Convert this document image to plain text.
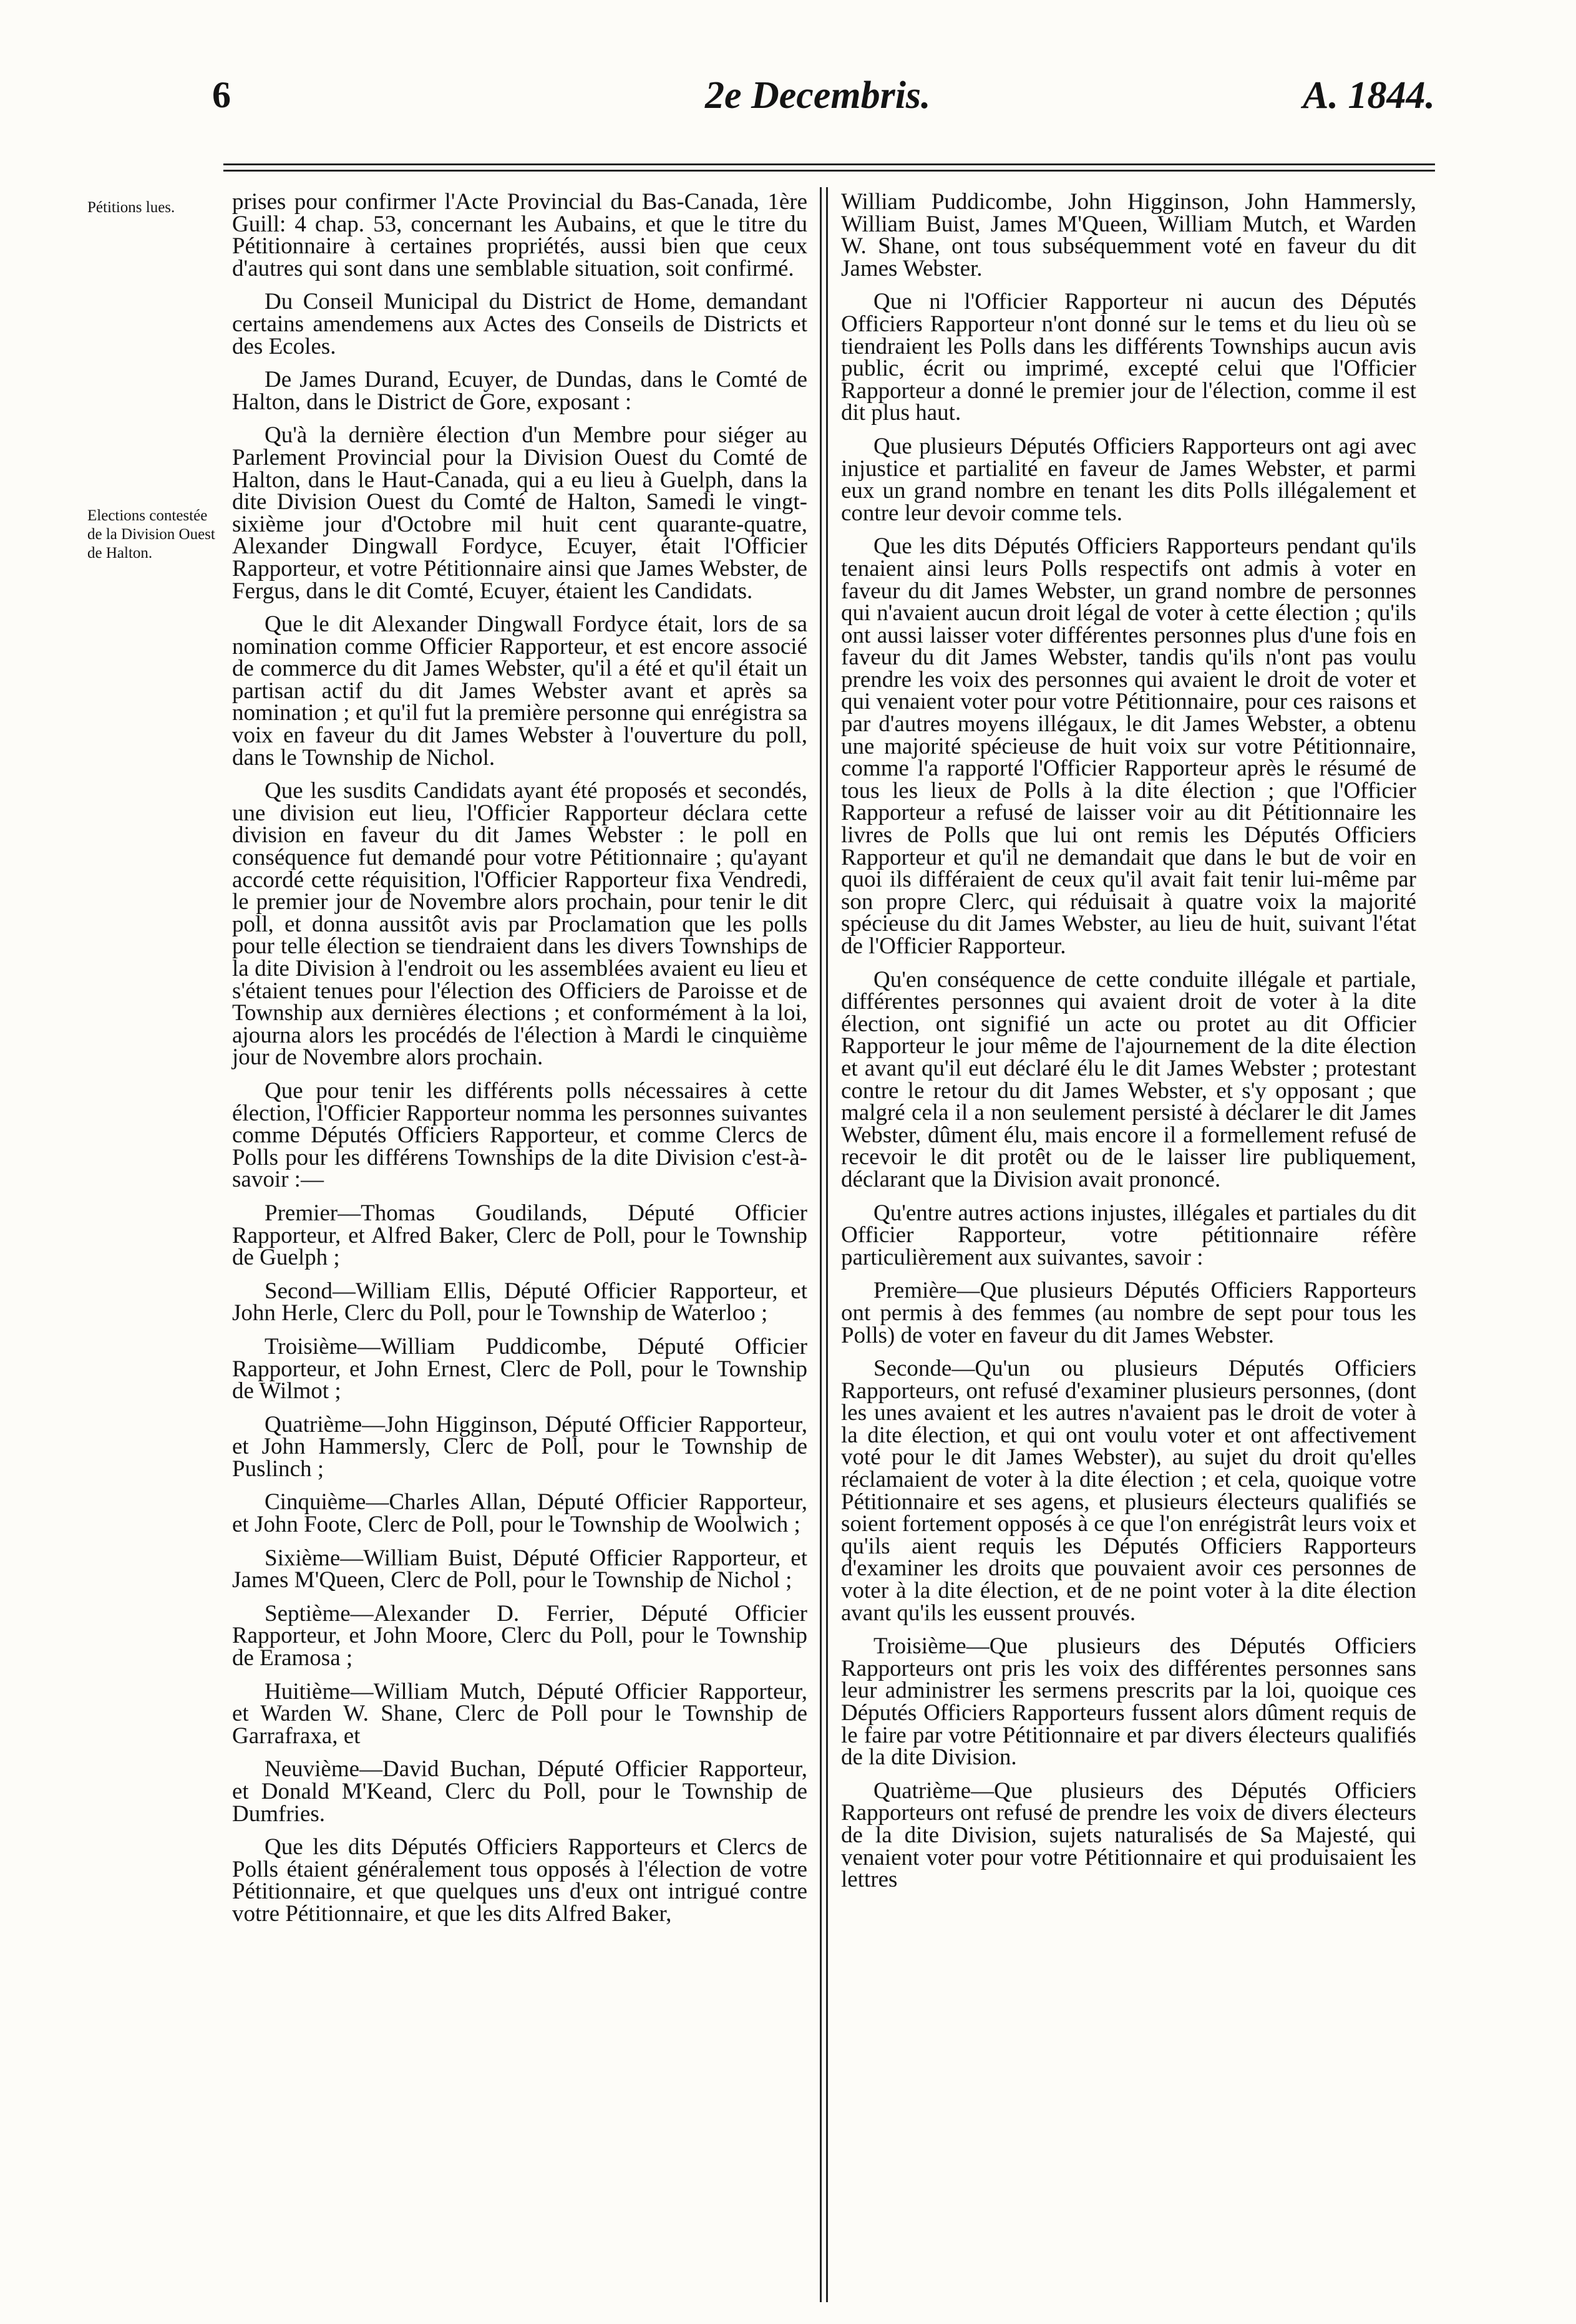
6	2e Decembris.	A. 1844.
Pétitions lues.
Elections contestée de la Division Ouest de Halton.

prises pour confirmer l'Acte Provincial du Bas-Canada, 1ère Guill: 4 chap. 53, concernant les Aubains, et que le titre du Pétitionnaire à certaines propriétés, aussi bien que ceux d'autres qui sont dans une semblable situation, soit confirmé.

Du Conseil Municipal du District de Home, demandant certains amendemens aux Actes des Conseils de Districts et des Ecoles.

De James Durand, Ecuyer, de Dundas, dans le Comté de Halton, dans le District de Gore, exposant :

Qu'à la dernière élection d'un Membre pour siéger au Parlement Provincial pour la Division Ouest du Comté de Halton, dans le Haut-Canada, qui a eu lieu à Guelph, dans la dite Division Ouest du Comté de Halton, Samedi le vingt-sixième jour d'Octobre mil huit cent quarante-quatre, Alexander Dingwall Fordyce, Ecuyer, était l'Officier Rapporteur, et votre Pétitionnaire ainsi que James Webster, de Fergus, dans le dit Comté, Ecuyer, étaient les Candidats.

Que le dit Alexander Dingwall Fordyce était, lors de sa nomination comme Officier Rapporteur, et est encore associé de commerce du dit James Webster, qu'il a été et qu'il était un partisan actif du dit James Webster avant et après sa nomination ; et qu'il fut la première personne qui enrégistra sa voix en faveur du dit James Webster à l'ouverture du poll, dans le Township de Nichol.

Que les susdits Candidats ayant été proposés et secondés, une division eut lieu, l'Officier Rapporteur déclara cette division en faveur du dit James Webster : le poll en conséquence fut demandé pour votre Pétitionnaire ; qu'ayant accordé cette réquisition, l'Officier Rapporteur fixa Vendredi, le premier jour de Novembre alors prochain, pour tenir le dit poll, et donna aussitôt avis par Proclamation que les polls pour telle élection se tiendraient dans les divers Townships de la dite Division à l'endroit ou les assemblées avaient eu lieu et s'étaient tenues pour l'élection des Officiers de Paroisse et de Township aux dernières élections ; et conformément à la loi, ajourna alors les procédés de l'élection à Mardi le cinquième jour de Novembre alors prochain.

Que pour tenir les différents polls nécessaires à cette élection, l'Officier Rapporteur nomma les personnes suivantes comme Députés Officiers Rapporteur, et comme Clercs de Polls pour les différens Townships de la dite Division c'est-à-savoir :—

Premier—Thomas Goudilands, Député Officier Rapporteur, et Alfred Baker, Clerc de Poll, pour le Township de Guelph ;

Second—William Ellis, Député Officier Rapporteur, et John Herle, Clerc du Poll, pour le Township de Waterloo ;

Troisième—William Puddicombe, Député Officier Rapporteur, et John Ernest, Clerc de Poll, pour le Township de Wilmot ;

Quatrième—John Higginson, Député Officier Rapporteur, et John Hammersly, Clerc de Poll, pour le Township de Puslinch ;

Cinquième—Charles Allan, Député Officier Rapporteur, et John Foote, Clerc de Poll, pour le Township de Woolwich ;

Sixième—William Buist, Député Officier Rapporteur, et James M'Queen, Clerc de Poll, pour le Township de Nichol ;

Septième—Alexander D. Ferrier, Député Officier Rapporteur, et John Moore, Clerc du Poll, pour le Township de Eramosa ;

Huitième—William Mutch, Député Officier Rapporteur, et Warden W. Shane, Clerc de Poll pour le Township de Garrafraxa, et

Neuvième—David Buchan, Député Officier Rapporteur, et Donald M'Keand, Clerc du Poll, pour le Township de Dumfries.

Que les dits Députés Officiers Rapporteurs et Clercs de Polls étaient généralement tous opposés à l'élection de votre Pétitionnaire, et que quelques uns d'eux ont intrigué contre votre Pétitionnaire, et que les dits Alfred Baker,

William Puddicombe, John Higginson, John Hammersly, William Buist, James M'Queen, William Mutch, et Warden W. Shane, ont tous subséquemment voté en faveur du dit James Webster.

Que ni l'Officier Rapporteur ni aucun des Députés Officiers Rapporteur n'ont donné sur le tems et du lieu où se tiendraient les Polls dans les différents Townships aucun avis public, écrit ou imprimé, excepté celui que l'Officier Rapporteur a donné le premier jour de l'élection, comme il est dit plus haut.

Que plusieurs Députés Officiers Rapporteurs ont agi avec injustice et partialité en faveur de James Webster, et parmi eux un grand nombre en tenant les dits Polls illégalement et contre leur devoir comme tels.

Que les dits Députés Officiers Rapporteurs pendant qu'ils tenaient ainsi leurs Polls respectifs ont admis à voter en faveur du dit James Webster, un grand nombre de personnes qui n'avaient aucun droit légal de voter à cette élection ; qu'ils ont aussi laisser voter différentes personnes plus d'une fois en faveur du dit James Webster, tandis qu'ils n'ont pas voulu prendre les voix des personnes qui avaient le droit de voter et qui venaient voter pour votre Pétitionnaire, pour ces raisons et par d'autres moyens illégaux, le dit James Webster, a obtenu une majorité spécieuse de huit voix sur votre Pétitionnaire, comme l'a rapporté l'Officier Rapporteur après le résumé de tous les lieux de Polls à la dite élection ; que l'Officier Rapporteur a refusé de laisser voir au dit Pétitionnaire les livres de Polls que lui ont remis les Députés Officiers Rapporteur et qu'il ne demandait que dans le but de voir en quoi ils différaient de ceux qu'il avait fait tenir lui-même par son propre Clerc, qui réduisait à quatre voix la majorité spécieuse du dit James Webster, au lieu de huit, suivant l'état de l'Officier Rapporteur.

Qu'en conséquence de cette conduite illégale et partiale, différentes personnes qui avaient droit de voter à la dite élection, ont signifié un acte ou protet au dit Officier Rapporteur le jour même de l'ajournement de la dite élection et avant qu'il eut déclaré élu le dit James Webster ; protestant contre le retour du dit James Webster, et s'y opposant ; que malgré cela il a non seulement persisté à déclarer le dit James Webster, dûment élu, mais encore il a formellement refusé de recevoir le dit protêt ou de le laisser lire publiquement, déclarant que la Division avait prononcé.

Qu'entre autres actions injustes, illégales et partiales du dit Officier Rapporteur, votre pétitionnaire réfère particulièrement aux suivantes, savoir :

Première—Que plusieurs Députés Officiers Rapporteurs ont permis à des femmes (au nombre de sept pour tous les Polls) de voter en faveur du dit James Webster.

Seconde—Qu'un ou plusieurs Députés Officiers Rapporteurs, ont refusé d'examiner plusieurs personnes, (dont les unes avaient et les autres n'avaient pas le droit de voter à la dite élection, et qui ont voulu voter et ont affectivement voté pour le dit James Webster), au sujet du droit qu'elles réclamaient de voter à la dite élection ; et cela, quoique votre Pétitionnaire et ses agens, et plusieurs électeurs qualifiés se soient fortement opposés à ce que l'on enrégistrât leurs voix et qu'ils aient requis les Députés Officiers Rapporteurs d'examiner les droits que pouvaient avoir ces personnes de voter à la dite élection, et de ne point voter à la dite élection avant qu'ils les eussent prouvés.

Troisième—Que plusieurs des Députés Officiers Rapporteurs ont pris les voix des différentes personnes sans leur administrer les sermens prescrits par la loi, quoique ces Députés Officiers Rapporteurs fussent alors dûment requis de le faire par votre Pétitionnaire et par divers électeurs qualifiés de la dite Division.

Quatrième—Que plusieurs des Députés Officiers Rapporteurs ont refusé de prendre les voix de divers électeurs de la dite Division, sujets naturalisés de Sa Majesté, qui venaient voter pour votre Pétitionnaire et qui produisaient les lettres
